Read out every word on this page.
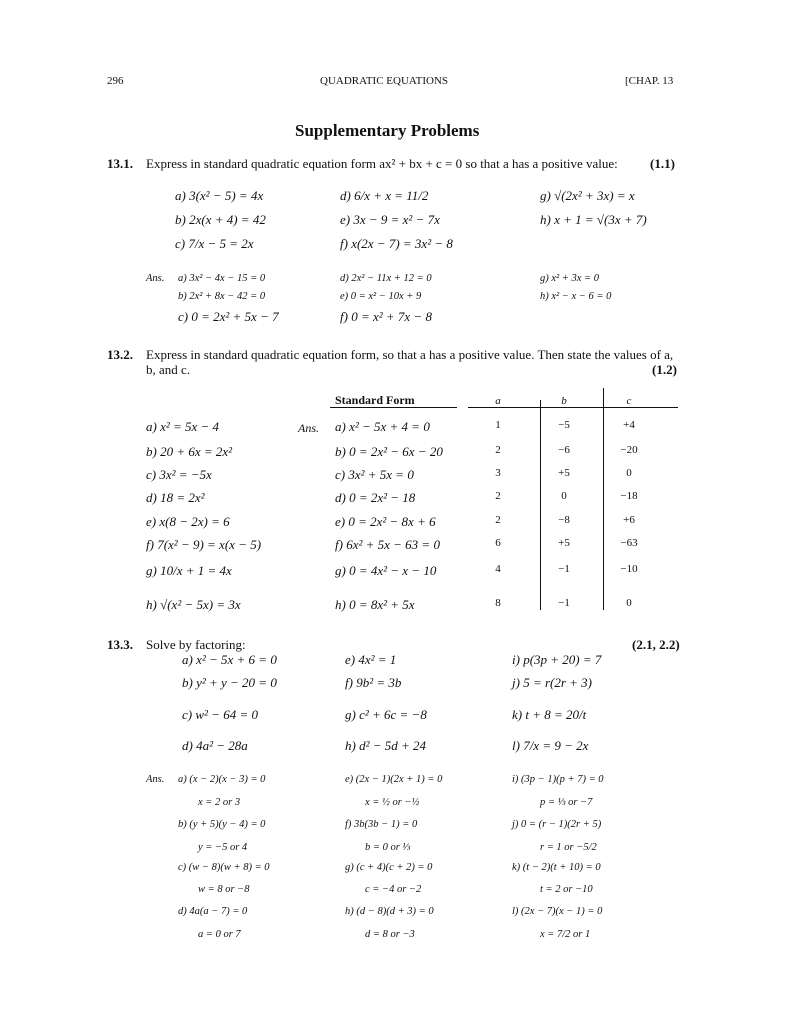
296	QUADRATIC EQUATIONS	[CHAP. 13
Supplementary Problems
13.1. Express in standard quadratic equation form ax² + bx + c = 0 so that a has a positive value: (1.1)
a) 3(x² − 5) = 4x	d) 6/x + x = 11/2	g) √(2x² + 3x) = x
b) 2x(x + 4) = 42	e) 3x − 9 = x² − 7x	h) x + 1 = √(3x + 7)
c) 7/x − 5 = 2x	f) x(2x − 7) = 3x² − 8
Ans. a) 3x² − 4x − 15 = 0	d) 2x² − 11x + 12 = 0	g) x² + 3x = 0
b) 2x² + 8x − 42 = 0	e) 0 = x² − 10x + 9	h) x² − x − 6 = 0
c) 0 = 2x² + 5x − 7	f) 0 = x² + 7x − 8
13.2. Express in standard quadratic equation form, so that a has a positive value. Then state the values of a,
b, and c.	(1.2)
Standard Form	a	b	c
Ans.
a) x² = 5x − 4	a) x² − 5x + 4 = 0	1	−5	+4
b) 20 + 6x = 2x²	b) 0 = 2x² − 6x − 20	2	−6	−20
c) 3x² = −5x	c) 3x² + 5x = 0	3	+5	0
d) 18 = 2x²	d) 0 = 2x² − 18	2	0	−18
e) x(8 − 2x) = 6	e) 0 = 2x² − 8x + 6	2	−8	+6
f) 7(x² − 9) = x(x − 5)	f) 6x² + 5x − 63 = 0	6	+5	−63
g) 10/x + 1 = 4x	g) 0 = 4x² − x − 10	4	−1	−10
h) √(x² − 5x) = 3x	h) 0 = 8x² + 5x	8	−1	0
13.3. Solve by factoring:	(2.1, 2.2)
a) x² − 5x + 6 = 0	e) 4x² = 1	i) p(3p + 20) = 7
b) y² + y − 20 = 0	f) 9b² = 3b	j) 5 = r(2r + 3)
c) w² − 64 = 0	g) c² + 6c = −8	k) t + 8 = 20/t
d) 4a² − 28a	h) d² − 5d + 24	l) 7/x = 9 − 2x
Ans. a) (x − 2)(x − 3) = 0	e) (2x − 1)(2x + 1) = 0	i) (3p − 1)(p + 7) = 0
x = 2 or 3	x = ½ or −½	p = ⅓ or −7
b) (y + 5)(y − 4) = 0	f) 3b(3b − 1) = 0	j) 0 = (r − 1)(2r + 5)
y = −5 or 4	b = 0 or ⅓	r = 1 or −5/2
c) (w − 8)(w + 8) = 0	g) (c + 4)(c + 2) = 0	k) (t − 2)(t + 10) = 0
w = 8 or −8	c = −4 or −2	t = 2 or −10
d) 4a(a − 7) = 0	h) (d − 8)(d + 3) = 0	l) (2x − 7)(x − 1) = 0
a = 0 or 7	d = 8 or −3	x = 7/2 or 1
